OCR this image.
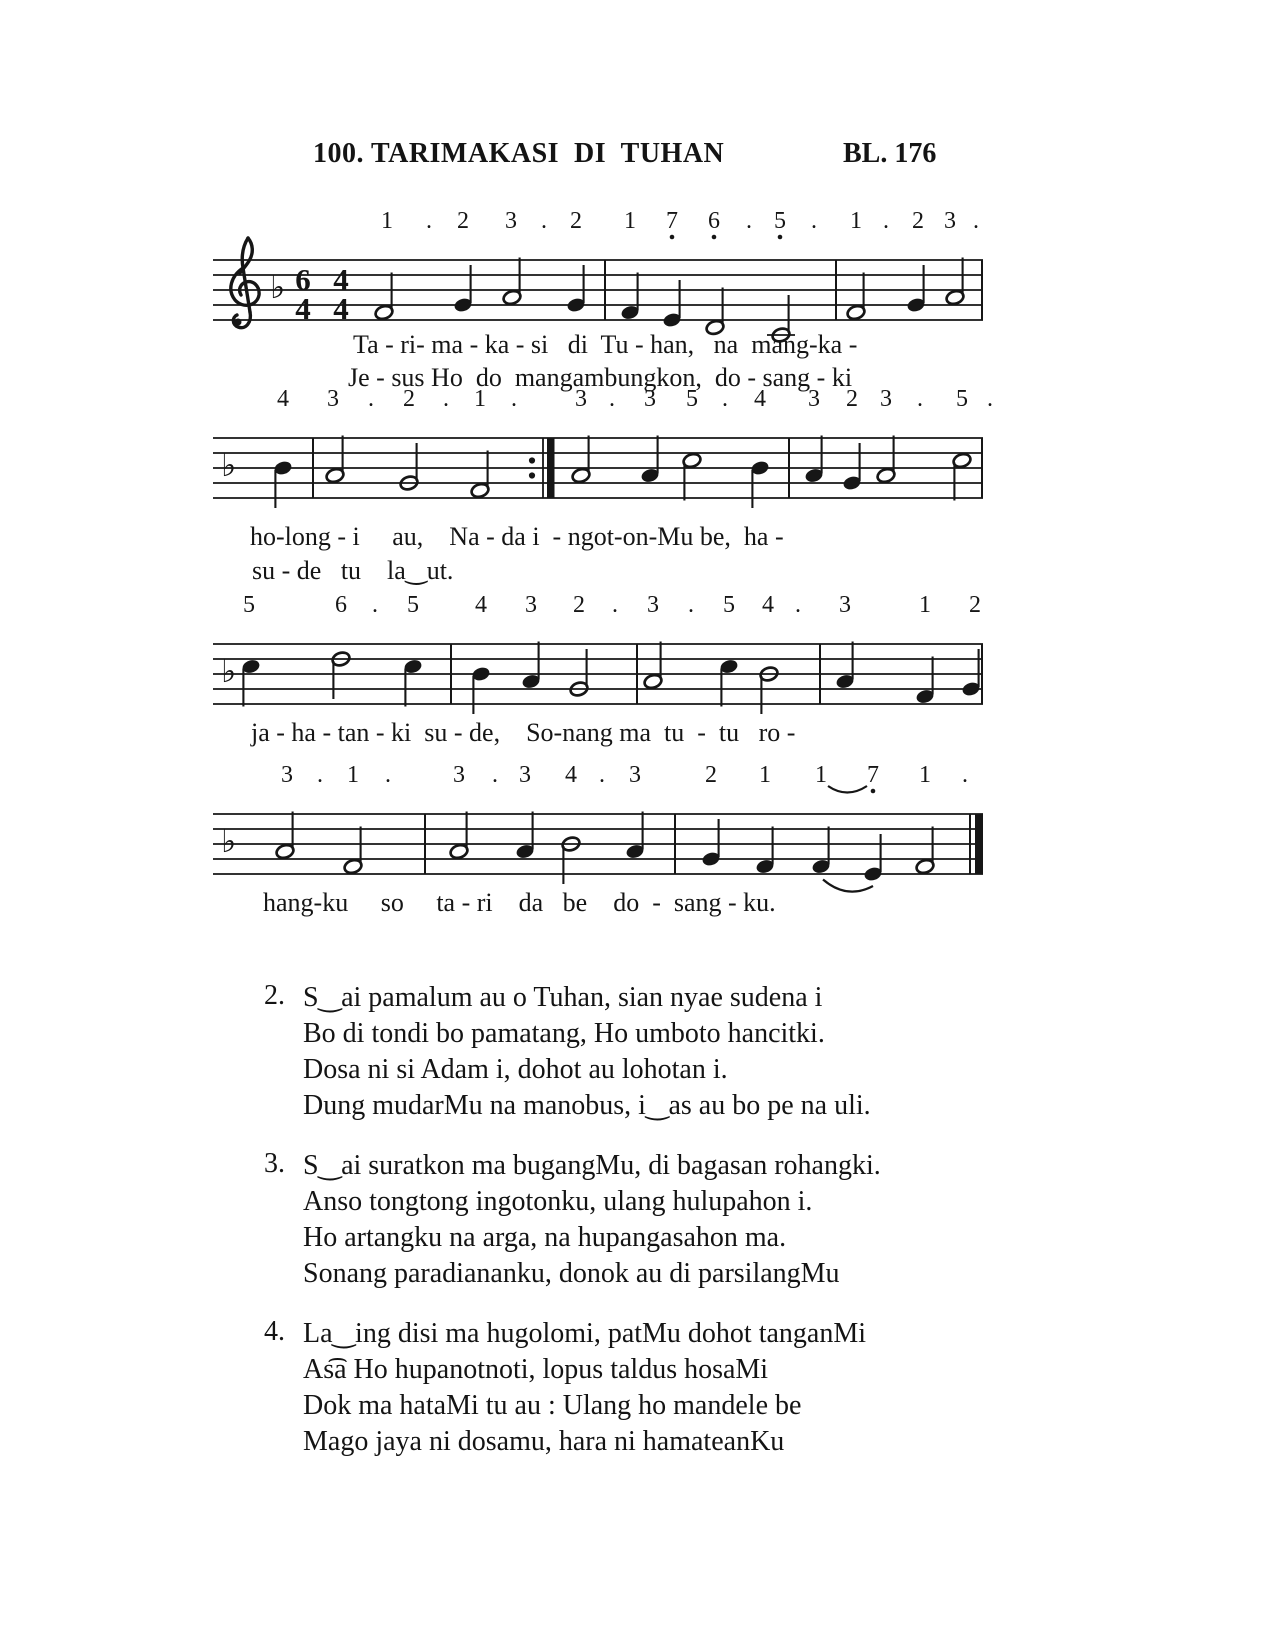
100. TARIMAKASI  DI  TUHAN	BL. 176
♭ 6
4
4
4
1 . 2 3 . 2 1 7 6 . 5 . 1 . 2 3 .
Ta - ri- ma - ka - si   di  Tu - han,   na  mang-ka -
Je - sus Ho  do  mangambungkon,  do - sang - ki
♭
4 3 . 2 . 1 . 3 . 3 5 . 4 3 2 3 . 5 .
ho-long - i     au,    Na - da i  - ngot-on-Mu be,  ha -
su - de   tu    la‿ut.
♭
5	6 . 5 4 3 2 . 3 . 5 4 . 3	1 2
ja - ha - tan - ki  su - de,    So-nang ma  tu  -  tu   ro -
♭
3 . 1 .	3 . 3 4 . 3	2 1 1 7 1 .
hang-ku     so     ta - ri    da   be    do  -  sang - ku.
2. S‿ai pamalum au o Tuhan, sian nyae sudena i
Bo di tondi bo pamatang, Ho umboto hancitki.
Dosa ni si Adam i, dohot au lohotan i.
Dung mudarMu na manobus, i‿as au bo pe na uli.
3. S‿ai suratkon ma bugangMu, di bagasan rohangki.
Anso tongtong ingotonku, ulang hulupahon i.
Ho artangku na arga, na hupangasahon ma.
Sonang paradiananku, donok au di parsilangMu
4. La‿ing disi ma hugolomi, patMu dohot tanganMi
As͡a Ho hupanotnoti, lopus taldus hosaMi
Dok ma hataMi tu au : Ulang ho mandele be
Mago jaya ni dosamu, hara ni hamateanKu
